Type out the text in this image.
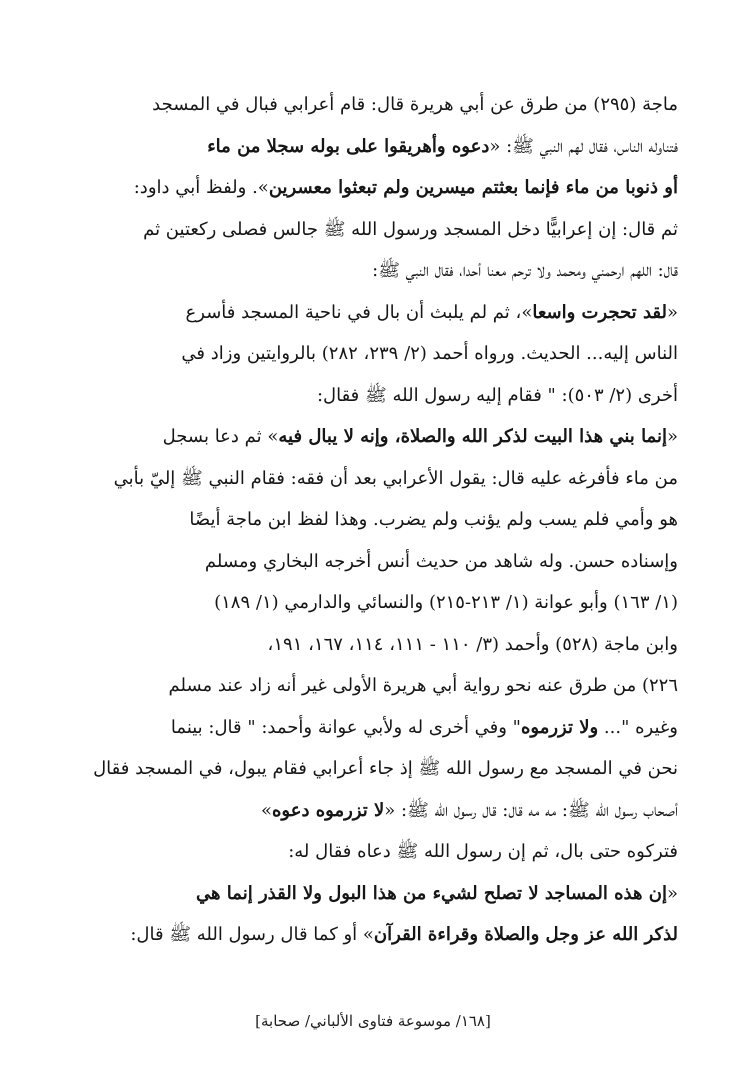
ماجة (٢٩٥) من طرق عن أبي هريرة قال: قام أعرابي فبال في المسجد
فتناوله الناس، فقال لهم النبي ﷺ: «دعوه وأهريقوا على بوله سجلا من ماء
أو ذنوبا من ماء فإنما بعثتم ميسرين ولم تبعثوا معسرين». ولفظ أبي داود:
ثم قال: إن إعرابيًّا دخل المسجد ورسول الله ﷺ جالس فصلى ركعتين ثم
قال: اللهم ارحمني ومحمد ولا ترحم معنا أحدا، فقال النبي ﷺ:
«لقد تحجرت واسعا»، ثم لم يلبث أن بال في ناحية المسجد فأسرع
الناس إليه... الحديث. ورواه أحمد (٢/ ٢٣٩، ٢٨٢) بالروايتين وزاد في
أخرى (٢/ ٥٠٣): " فقام إليه رسول الله ﷺ فقال:
«إنما بني هذا البيت لذكر الله والصلاة، وإنه لا يبال فيه» ثم دعا بسجل
من ماء فأفرغه عليه قال: يقول الأعرابي بعد أن فقه: فقام النبي ﷺ إليّ بأبي
هو وأمي فلم يسب ولم يؤنب ولم يضرب. وهذا لفظ ابن ماجة أيضًا
وإسناده حسن. وله شاهد من حديث أنس أخرجه البخاري ومسلم
(١/ ١٦٣) وأبو عوانة (١/ ٢١٣-٢١٥) والنسائي والدارمي (١/ ١٨٩)
وابن ماجة (٥٢٨) وأحمد (٣/ ١١٠ - ١١١، ١١٤، ١٦٧، ١٩١،
٢٢٦) من طرق عنه نحو رواية أبي هريرة الأولى غير أنه زاد عند مسلم
وغيره "... ولا تزرموه" وفي أخرى له ولأبي عوانة وأحمد: " قال: بينما
نحن في المسجد مع رسول الله ﷺ إذ جاء أعرابي فقام يبول، في المسجد فقال
أصحاب رسول الله ﷺ: مه مه قال: قال رسول الله ﷺ: «لا تزرموه دعوه»
فتركوه حتى بال، ثم إن رسول الله ﷺ دعاه فقال له:
«إن هذه المساجد لا تصلح لشيء من هذا البول ولا القذر إنما هي
لذكر الله عز وجل والصلاة وقراءة القرآن» أو كما قال رسول الله ﷺ قال:
[١٦٨/ موسوعة فتاوى الألباني/ صحابة]
